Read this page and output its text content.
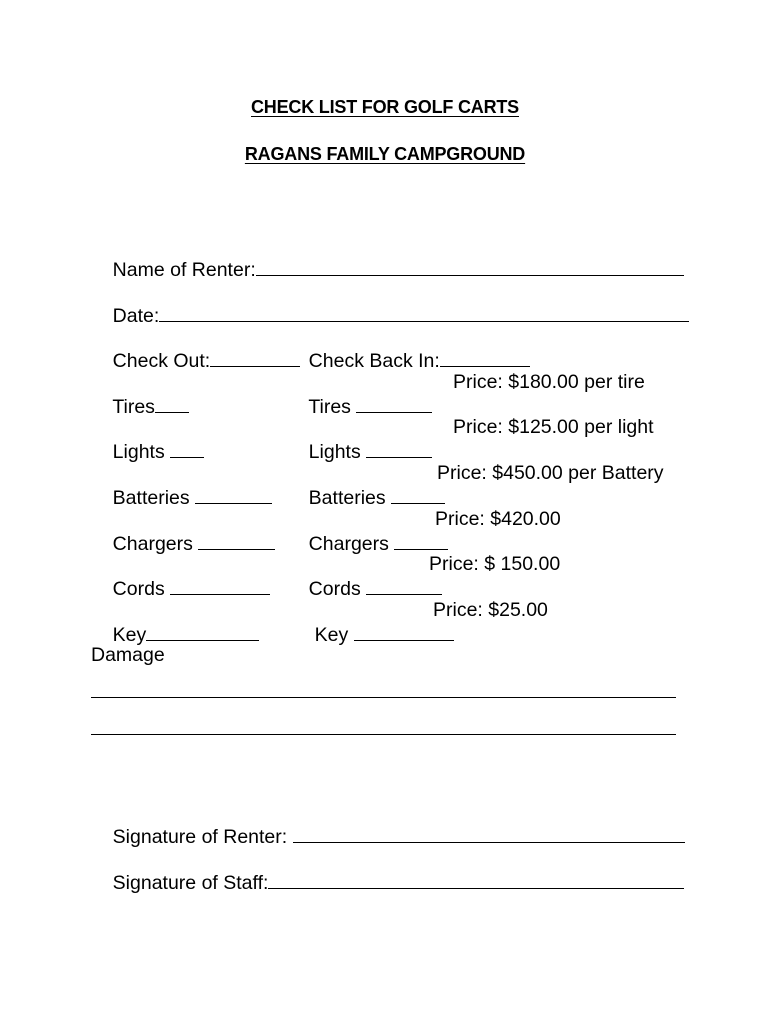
CHECK LIST FOR GOLF CARTS
RAGANS FAMILY CAMPGROUND

Name of Renter:

Date:

Check Out:
	Check Back In:

Tires
	Tires

Price: $180.00 per tire

Lights
	Lights

Price: $125.00 per light

Batteries
	Batteries

Price: $450.00 per Battery

Chargers
	Chargers

Price: $420.00

Cords
	Cords

Price: $ 150.00

Key
	Key

Price: $25.00
Damage

Signature of Renter:

Signature of Staff:
